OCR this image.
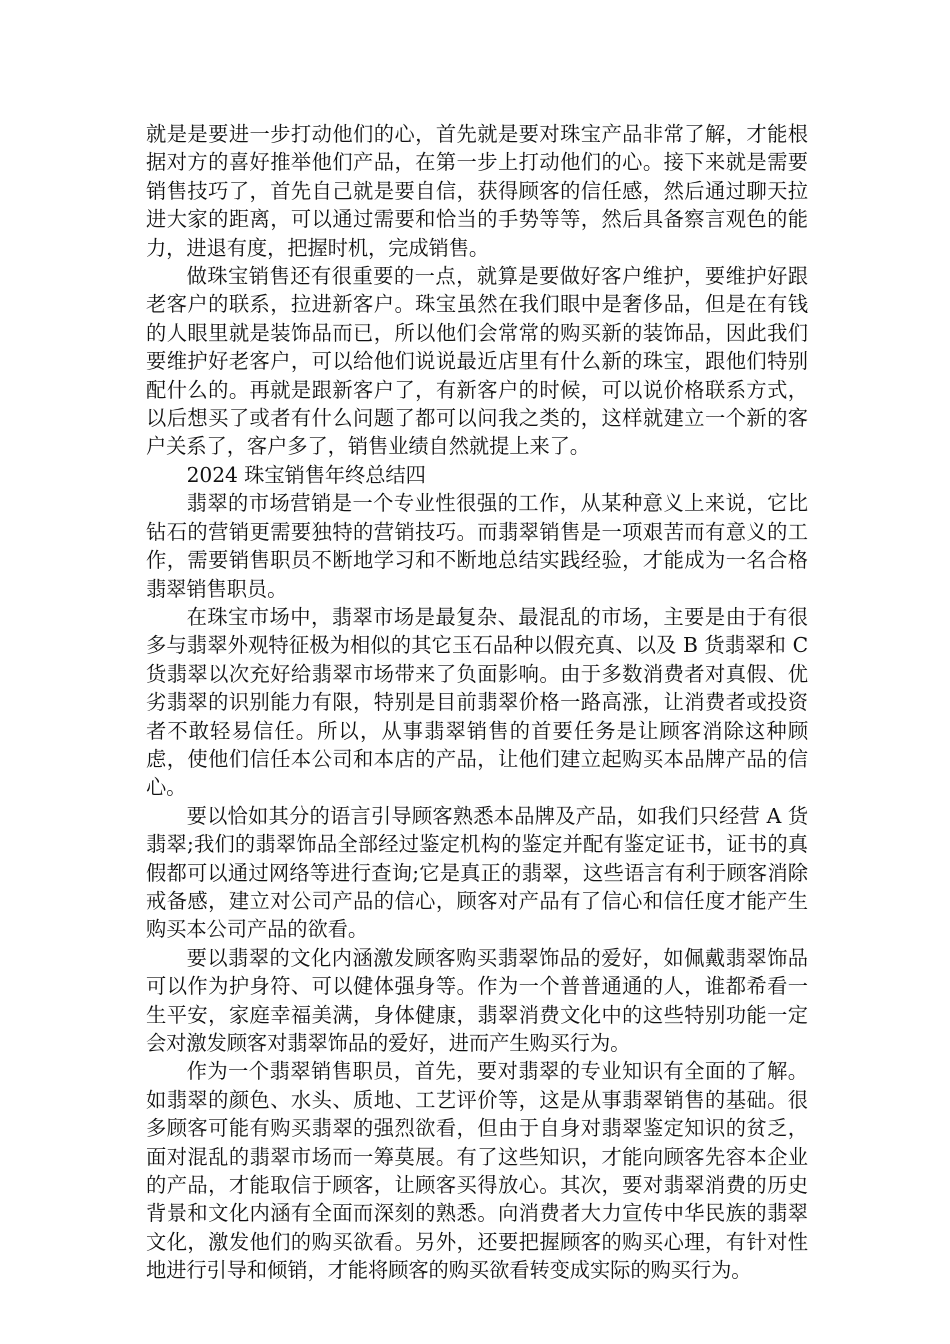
就是是要进一步打动他们的心，首先就是要对珠宝产品非常了解，才能根据对方的喜好推举他们产品，在第一步上打动他们的心。接下来就是需要销售技巧了，首先自己就是要自信，获得顾客的信任感，然后通过聊天拉进大家的距离，可以通过需要和恰当的手势等等，然后具备察言观色的能力，进退有度，把握时机，完成销售。

做珠宝销售还有很重要的一点，就算是要做好客户维护，要维护好跟老客户的联系，拉进新客户。珠宝虽然在我们眼中是奢侈品，但是在有钱的人眼里就是装饰品而已，所以他们会常常的购买新的装饰品，因此我们要维护好老客户，可以给他们说说最近店里有什么新的珠宝，跟他们特别配什么的。再就是跟新客户了，有新客户的时候，可以说价格联系方式，以后想买了或者有什么问题了都可以问我之类的，这样就建立一个新的客户关系了，客户多了，销售业绩自然就提上来了。

2024 珠宝销售年终总结四

翡翠的市场营销是一个专业性很强的工作，从某种意义上来说，它比钻石的营销更需要独特的营销技巧。而翡翠销售是一项艰苦而有意义的工作，需要销售职员不断地学习和不断地总结实践经验，才能成为一名合格翡翠销售职员。

在珠宝市场中，翡翠市场是最复杂、最混乱的市场，主要是由于有很多与翡翠外观特征极为相似的其它玉石品种以假充真、以及 B 货翡翠和 C 货翡翠以次充好给翡翠市场带来了负面影响。由于多数消费者对真假、优劣翡翠的识别能力有限，特别是目前翡翠价格一路高涨，让消费者或投资者不敢轻易信任。所以，从事翡翠销售的首要任务是让顾客消除这种顾虑，使他们信任本公司和本店的产品，让他们建立起购买本品牌产品的信心。

要以恰如其分的语言引导顾客熟悉本品牌及产品，如我们只经营 A 货翡翠;我们的翡翠饰品全部经过鉴定机构的鉴定并配有鉴定证书，证书的真假都可以通过网络等进行查询;它是真正的翡翠，这些语言有利于顾客消除戒备感，建立对公司产品的信心，顾客对产品有了信心和信任度才能产生购买本公司产品的欲看。

要以翡翠的文化内涵激发顾客购买翡翠饰品的爱好，如佩戴翡翠饰品可以作为护身符、可以健体强身等。作为一个普普通通的人，谁都希看一生平安，家庭幸福美满，身体健康，翡翠消费文化中的这些特别功能一定会对激发顾客对翡翠饰品的爱好，进而产生购买行为。

作为一个翡翠销售职员，首先，要对翡翠的专业知识有全面的了解。如翡翠的颜色、水头、质地、工艺评价等，这是从事翡翠销售的基础。很多顾客可能有购买翡翠的强烈欲看，但由于自身对翡翠鉴定知识的贫乏，面对混乱的翡翠市场而一筹莫展。有了这些知识，才能向顾客先容本企业的产品，才能取信于顾客，让顾客买得放心。其次，要对翡翠消费的历史背景和文化内涵有全面而深刻的熟悉。向消费者大力宣传中华民族的翡翠文化，激发他们的购买欲看。另外，还要把握顾客的购买心理，有针对性地进行引导和倾销，才能将顾客的购买欲看转变成实际的购买行为。
